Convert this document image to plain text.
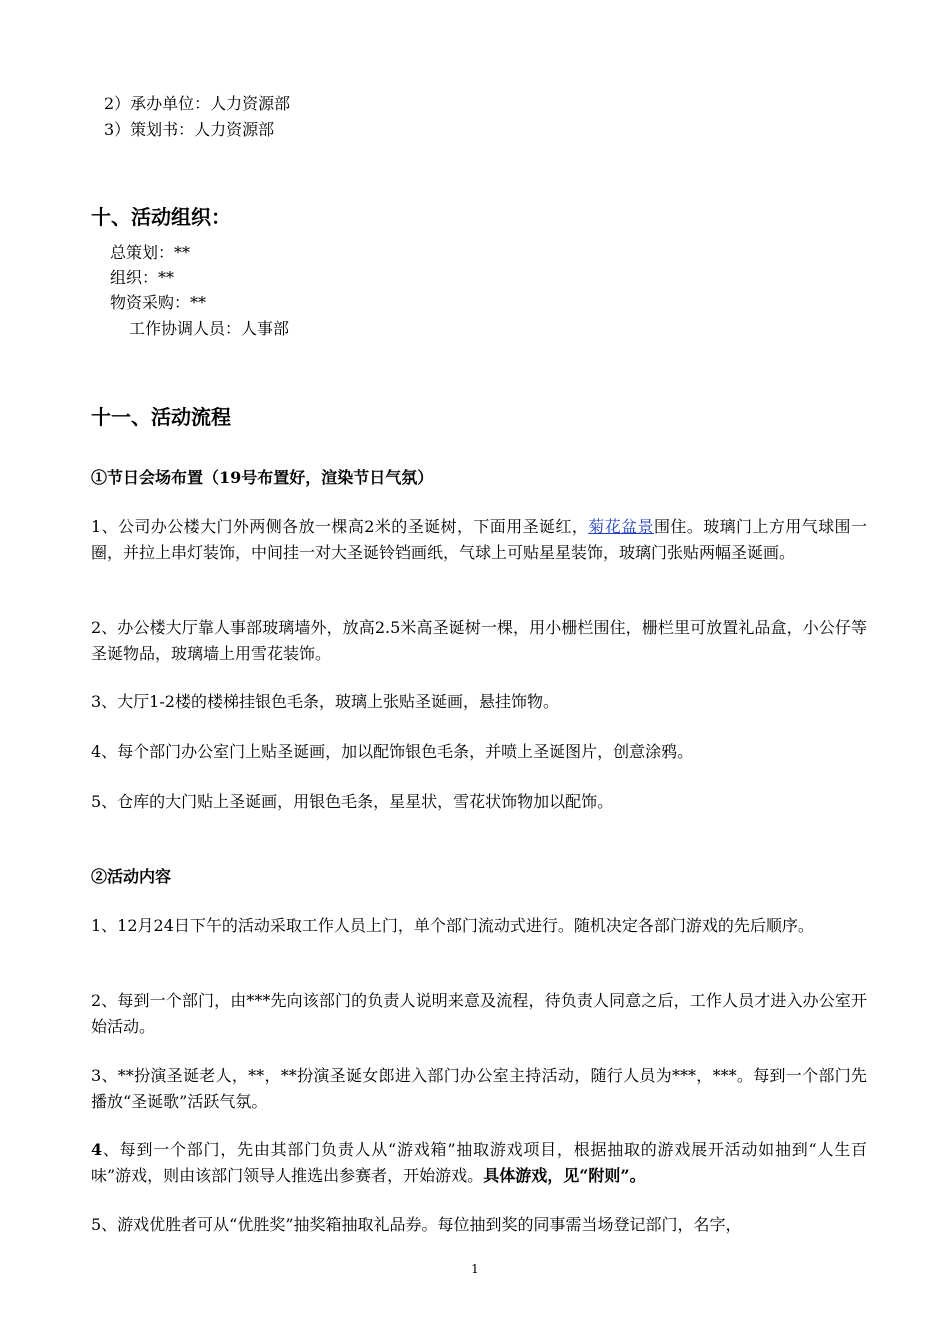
2）承办单位：人力资源部
3）策划书：人力资源部
十、活动组织：
总策划：**
组织：**
物资采购：**
工作协调人员：人事部
十一、活动流程
①节日会场布置（19号布置好，渲染节日气氛）
1、公司办公楼大门外两侧各放一棵高2米的圣诞树，下面用圣诞红，菊花盆景围住。玻璃门上方用气球围一圈，并拉上串灯装饰，中间挂一对大圣诞铃铛画纸，气球上可贴星星装饰，玻璃门张贴两幅圣诞画。
2、办公楼大厅靠人事部玻璃墙外，放高2.5米高圣诞树一棵，用小栅栏围住，栅栏里可放置礼品盒，小公仔等圣诞物品，玻璃墙上用雪花装饰。
3、大厅1-2楼的楼梯挂银色毛条，玻璃上张贴圣诞画，悬挂饰物。
4、每个部门办公室门上贴圣诞画，加以配饰银色毛条，并喷上圣诞图片，创意涂鸦。
5、仓库的大门贴上圣诞画，用银色毛条，星星状，雪花状饰物加以配饰。
②活动内容
1、12月24日下午的活动采取工作人员上门，单个部门流动式进行。随机决定各部门游戏的先后顺序。
2、每到一个部门，由***先向该部门的负责人说明来意及流程，待负责人同意之后，工作人员才进入办公室开始活动。
3、**扮演圣诞老人，**，**扮演圣诞女郎进入部门办公室主持活动，随行人员为***，***。每到一个部门先播放“圣诞歌”活跃气氛。
4、每到一个部门，先由其部门负责人从“游戏箱”抽取游戏项目，根据抽取的游戏展开活动如抽到“人生百味”游戏，则由该部门领导人推选出参赛者，开始游戏。具体游戏，见“附则”。
5、游戏优胜者可从“优胜奖”抽奖箱抽取礼品券。每位抽到奖的同事需当场登记部门，名字，
1
